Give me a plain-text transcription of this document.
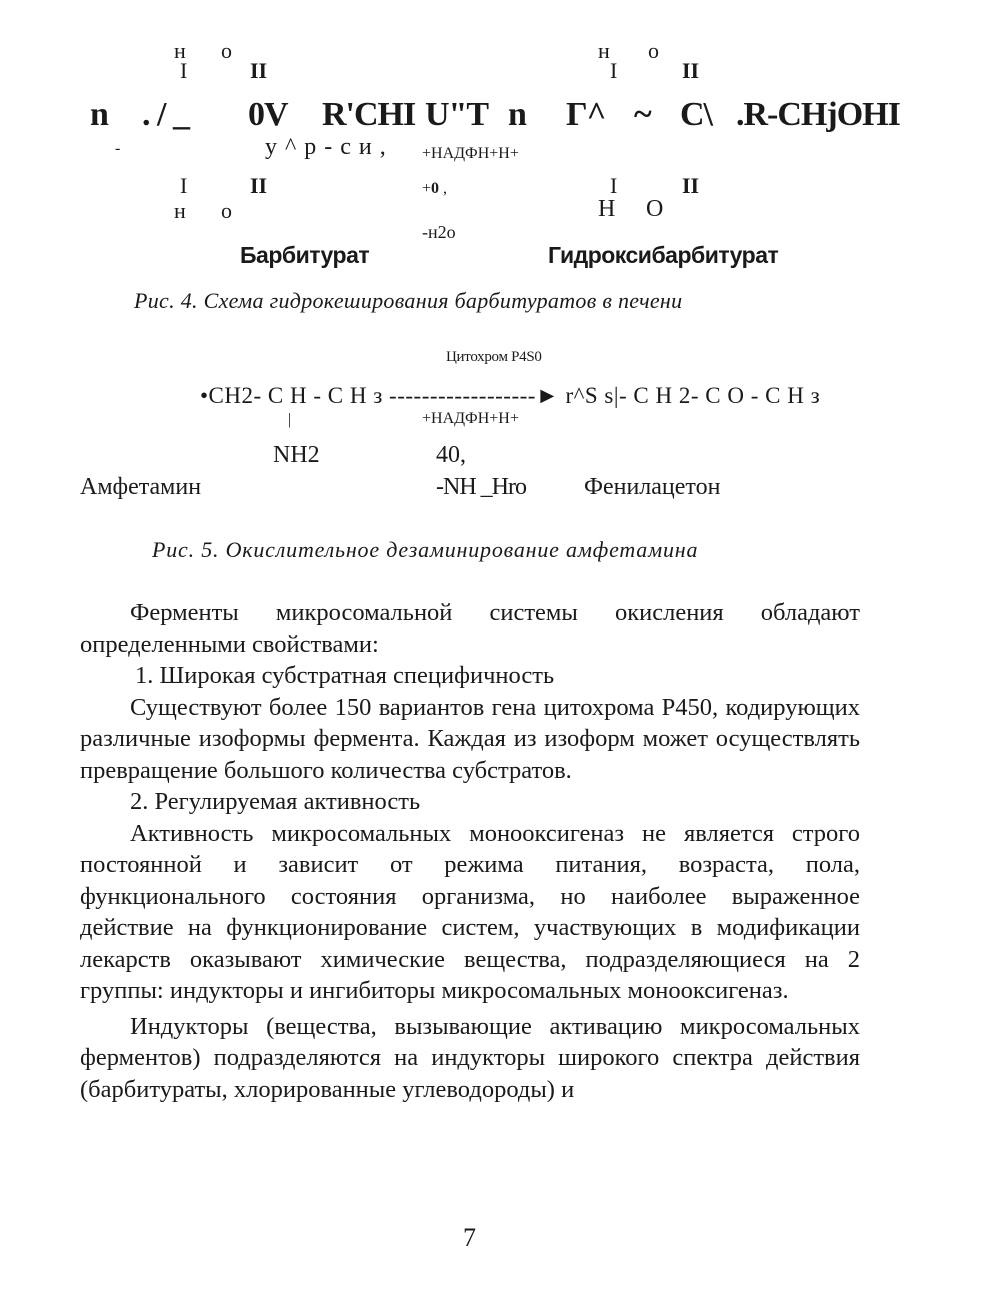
н о
I	II
н о
I	II
n . / _ 0V R'CHI U"T n Г^ ~ C\ .R-CHjOHI
-	у ^ р - с и , +НАДФН+Н+
I	II	+0 ,	I	II
н о	Н О
-н2о
Барбитурат	Гидроксибарбитурат
Рис. 4. Схема гидрокеширования барбитуратов в печени
Цитохром P4S0
•СН2- С Н - С Н з ------------------► r^S s|- С Н 2- С О - С Н з
|	+НАДФН+Н+
NH2	40,
Амфетамин	-NH _Hro Фенилацетон
Рис. 5. Окислительное дезаминирование амфетамина

Ферменты микросомальной системы окисления обладают определенными свойствами:

1. Широкая субстратная специфичность

Существуют более 150 вариантов гена цитохрома Р450, кодирующих различные изоформы фермента. Каждая из изоформ может осуществлять превращение большого количества субстратов.

2. Регулируемая активность

Активность микросомальных монооксигеназ не является строго постоянной и зависит от режима питания, возраста, пола, функционального состояния организма, но наиболее выраженное действие на функционирование систем, участвующих в модификации лекарств оказывают химические вещества, подразделяющиеся на 2 группы: индукторы и ингибиторы микросомальных монооксигеназ.

Индукторы (вещества, вызывающие активацию микросомальных ферментов) подразделяются на индукторы широкого спектра действия (барбитураты, хлорированные углеводороды) и

7
